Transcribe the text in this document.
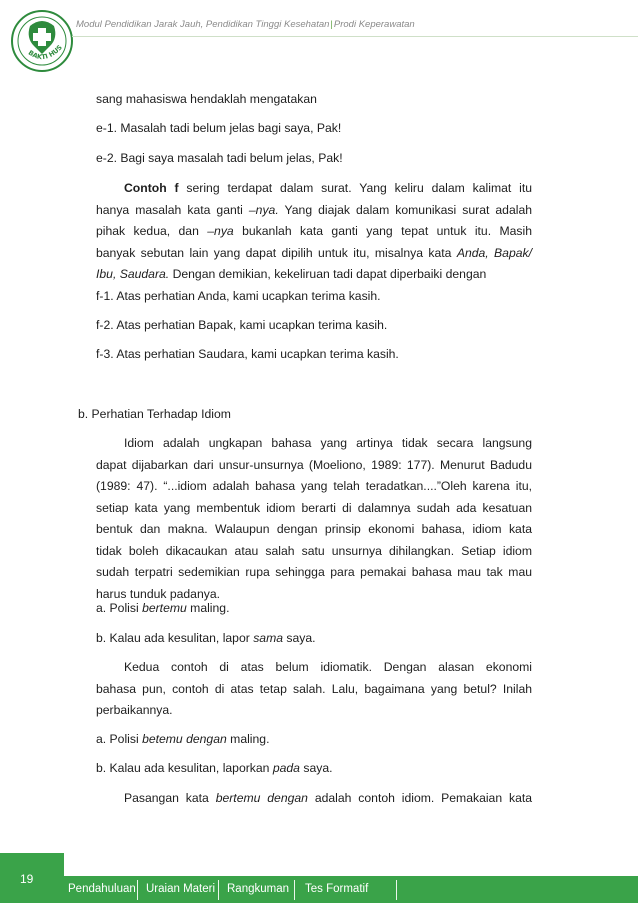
BAKTI HUS
Modul Pendidikan Jarak Jauh, Pendidikan Tinggi Kesehatan|Prodi Keperawatan
sang mahasiswa hendaklah mengatakan
e-1. Masalah tadi belum jelas bagi saya, Pak!
e-2. Bagi saya masalah tadi belum jelas, Pak!
Contoh f sering terdapat dalam surat. Yang keliru dalam kalimat itu
hanya masalah kata ganti –nya. Yang diajak dalam komunikasi surat adalah
pihak kedua, dan –nya bukanlah kata ganti yang tepat untuk itu. Masih
banyak sebutan lain yang dapat dipilih untuk itu, misalnya kata Anda, Bapak/
Ibu, Saudara. Dengan demikian, kekeliruan tadi dapat diperbaiki dengan
f-1. Atas perhatian Anda, kami ucapkan terima kasih.
f-2. Atas perhatian Bapak, kami ucapkan terima kasih.
f-3. Atas perhatian Saudara, kami ucapkan terima kasih.
b. Perhatian Terhadap Idiom
Idiom adalah ungkapan bahasa yang artinya tidak secara langsung
dapat dijabarkan dari unsur-unsurnya (Moeliono, 1989: 177). Menurut Badudu
(1989: 47). “...idiom adalah bahasa yang telah teradatkan....”Oleh karena itu,
setiap kata yang membentuk idiom berarti di dalamnya sudah ada kesatuan
bentuk dan makna. Walaupun dengan prinsip ekonomi bahasa, idiom kata
tidak boleh dikacaukan atau salah satu unsurnya dihilangkan. Setiap idiom
sudah terpatri sedemikian rupa sehingga para pemakai bahasa mau tak mau
harus tunduk padanya.
a. Polisi bertemu maling.
b. Kalau ada kesulitan, lapor sama saya.
Kedua contoh di atas belum idiomatik. Dengan alasan ekonomi
bahasa pun, contoh di atas tetap salah. Lalu, bagaimana yang betul? Inilah
perbaikannya.
a. Polisi betemu dengan maling.
b. Kalau ada kesulitan, laporkan pada saya.
Pasangan kata bertemu dengan adalah contoh idiom. Pemakaian kata
19
Pendahuluan Uraian Materi Rangkuman Tes Formatif
